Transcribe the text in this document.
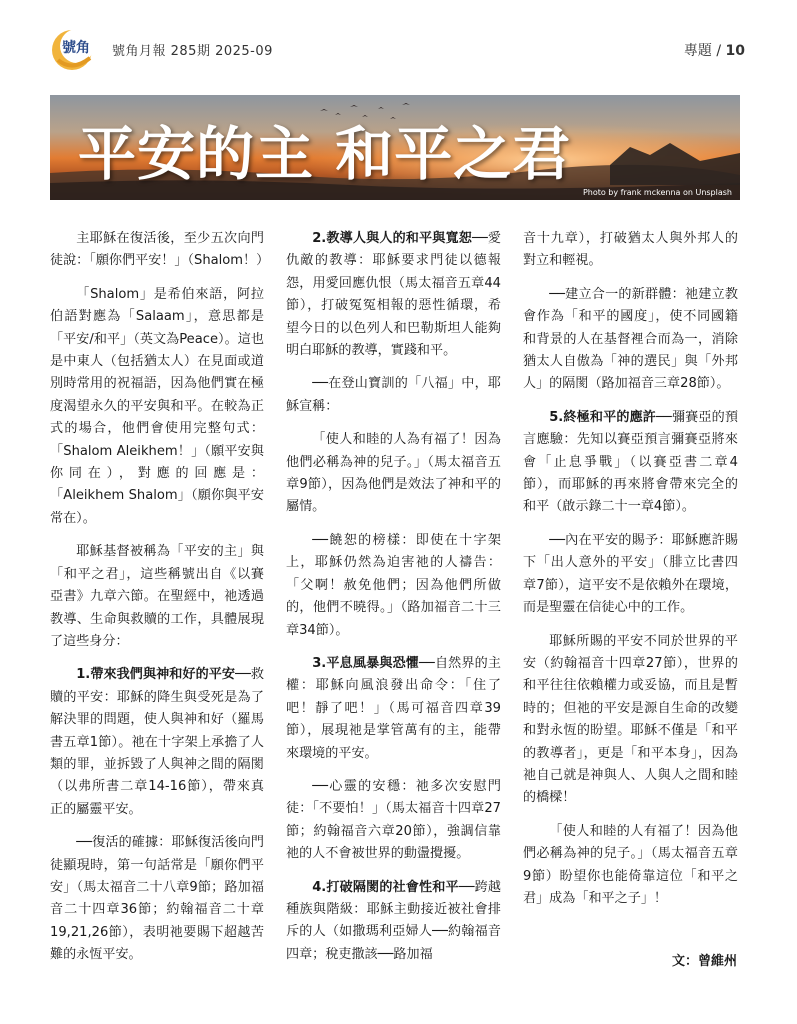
號角 號角月報 285期 2025-09	專題 / 10
平安的主 和平之君
Photo by frank mckenna on Unsplash

主耶穌在復活後，至少五次向門徒說：「願你們平安！」（Shalom！）

「Shalom」是希伯來語，阿拉伯語對應為「Salaam」，意思都是「平安/和平」（英文為Peace）。這也是中東人（包括猶太人）在見面或道別時常用的祝福語，因為他們實在極度渴望永久的平安與和平。在較為正式的場合，他們會使用完整句式：「Shalom Aleikhem！」（願平安與你同在），對應的回應是：「Aleikhem Shalom」（願你與平安常在）。

耶穌基督被稱為「平安的主」與「和平之君」，這些稱號出自《以賽亞書》九章六節。在聖經中，祂透過教導、生命與救贖的工作，具體展現了這些身分：

1.帶來我們與神和好的平安──救贖的平安：耶穌的降生與受死是為了解決罪的問題，使人與神和好（羅馬書五章1節）。祂在十字架上承擔了人類的罪，並拆毀了人與神之間的隔閡（以弗所書二章14-16節），帶來真正的屬靈平安。

──復活的確據：耶穌復活後向門徒顯現時，第一句話常是「願你們平安」（馬太福音二十八章9節；路加福音二十四章36節；約翰福音二十章19,21,26節），表明祂要賜下超越苦難的永恆平安。

2.教導人與人的和平與寬恕──愛仇敵的教導：耶穌要求門徒以德報怨，用愛回應仇恨（馬太福音五章44節），打破冤冤相報的惡性循環，希望今日的以色列人和巴勒斯坦人能夠明白耶穌的教導，實踐和平。

──在登山寶訓的「八福」中，耶穌宣稱：

「使人和睦的人為有福了！因為他們必稱為神的兒子。」（馬太福音五章9節），因為他們是效法了神和平的屬情。

──饒恕的榜樣：即使在十字架上，耶穌仍然為迫害祂的人禱告：「父啊！赦免他們；因為他們所做的，他們不曉得。」（路加福音二十三章34節）。

3.平息風暴與恐懼──自然界的主權：耶穌向風浪發出命令：「住了吧！靜了吧！」（馬可福音四章39節），展現祂是掌管萬有的主，能帶來環境的平安。

──心靈的安穩：祂多次安慰門徒：「不要怕！」（馬太福音十四章27節；約翰福音六章20節），強調信靠祂的人不會被世界的動盪攪擾。

4.打破隔閡的社會性和平──跨越種族與階級：耶穌主動接近被社會排斥的人（如撒瑪利亞婦人──約翰福音四章；稅吏撒該──路加福

音十九章），打破猶太人與外邦人的對立和輕視。

──建立合一的新群體：祂建立教會作為「和平的國度」，使不同國籍和背景的人在基督裡合而為一，消除猶太人自傲為「神的選民」與「外邦人」的隔閡（路加福音三章28節）。

5.終極和平的應許──彌賽亞的預言應驗：先知以賽亞預言彌賽亞將來會「止息爭戰」（以賽亞書二章4節），而耶穌的再來將會帶來完全的和平（啟示錄二十一章4節）。

──內在平安的賜予：耶穌應許賜下「出人意外的平安」（腓立比書四章7節），這平安不是依賴外在環境，而是聖靈在信徒心中的工作。

耶穌所賜的平安不同於世界的平安（約翰福音十四章27節），世界的和平往往依賴權力或妥協，而且是暫時的；但祂的平安是源自生命的改變和對永恆的盼望。耶穌不僅是「和平的教導者」，更是「和平本身」，因為祂自己就是神與人、人與人之間和睦的橋樑！

「使人和睦的人有福了！因為他們必稱為神的兒子。」（馬太福音五章9節）盼望你也能倚靠這位「和平之君」成為「和平之子」！

文：曾維州
